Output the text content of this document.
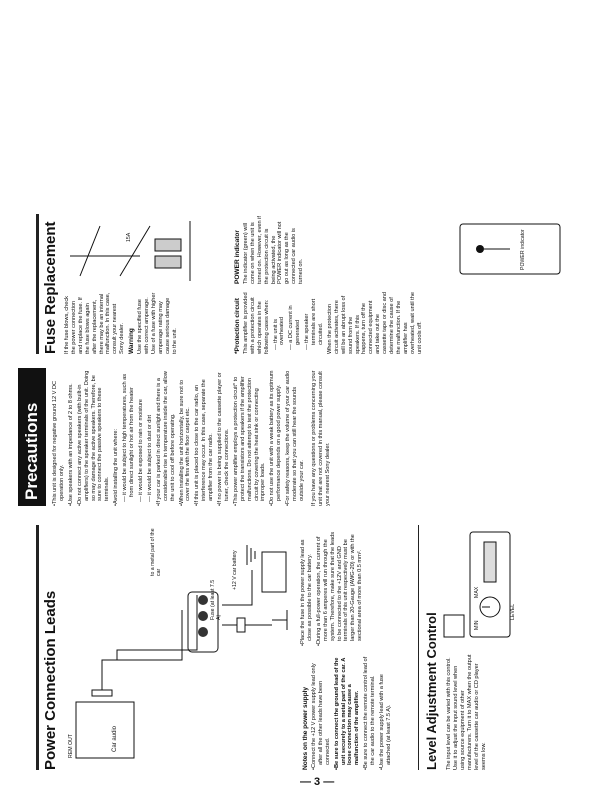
Power Connection Leads REM OUT	Car audio
Fuse (at least 7.5 A)
+12 V car battery
to a metal part of the car
Notes on the power supply •Connect the +12 V power supply lead only after all the other leads have been connected. •Be sure to connect the ground lead of the unit securely to a metal part of the car. A loose connection may cause a malfunction of the amplifier. •Be sure to connect the remote control lead of the car audio to the remote terminal. •Use the power supply lead with a fuse attached (at least 7.5 A).

•Place the fuse in the power supply lead as close as possible to the car battery. •During a full-power operation, the current of more than 6 amperes will run through the system. Therefore, make sure that the leads to be connected to the +12V and GND terminals of this unit respectively must be larger than 20-Gauge (AWG-20) or with the sectional area of more than 0.5 mm².

Level Adjustment Control The input level can be varied with this control. Use it to adjust the input sound level when using source equipment of other manufacturers. Turn it to MAX when the output level of the cassette car audio or CD player seems low.
LEVEL
MIN
MAX
Precautions	•This unit is designed for negative ground 12 V DC operation only. •Use speakers with an impedance of 2 to 8 ohms. •Do not connect any active speakers (with built-in amplifiers) to the speaker terminals of the unit. Doing so may damage the active speakers. Therefore, be sure to connect the passive speakers to these terminals. •Avoid installing the unit where: — it would be subject to high temperatures, such as from direct sunlight or hot air from the heater — it would be exposed to rain or moisture — it would be subject to dust or dirt •If your car is parked in direct sunlight and there is a considerable rise in temperature inside the car, allow the unit to cool off before operating. •When installing the unit horizontally, be sure not to cover the fins with the floor carpet etc. •If this unit is placed too close to the car radio, an interference may occur. In this case, separate the amplifier from the car radio. •If no power is being supplied to the cassette player or tuner, check the connections. •This power amplifier employs a protection circuit* to protect the transistors and speakers if the amplifier malfunctions. Do not attempt to test the protection circuit by covering the heat sink or connecting improper loads. •Do not use the unit with a weak battery as its optimum performance depends on a good power supply. •For safety reasons, keep the volume of your car audio moderate so that you can still hear the sounds outside your car. If you have any questions or problems concerning your unit that are not covered in this manual, please consult your nearest Sony dealer.

Fuse Replacement If the fuse blows, check the power connection and replace the fuse. If the fuse blows again after the replacement, there may be an internal malfunction. In this case, consult your nearest Sony dealer. Warning Use the specified fuse with correct amperage. Use of a fuse with higher amperage rating may cause serious damage to the unit.

15A
*Protection circuit This amplifier is provided with a protection circuit which operates in the following cases when: — the unit is overheated — a DC current in generated — the speaker terminals are short circuited. When the protection circuit activates, there will be an abrupt loss of sound from the speakers. If this happens, turn off the connected equipment and take out the cassette tape or disc and determine the cause of the malfunction. If the amplifier has overheated, wait until the unit cools off.

POWER indicator The indicator (green) will come on when the unit is turned on. However, even if the protection circuit is being activated, the POWER indicator will not go out as long as the connected car audio is turned on.

POWER indicator
— 3 —
